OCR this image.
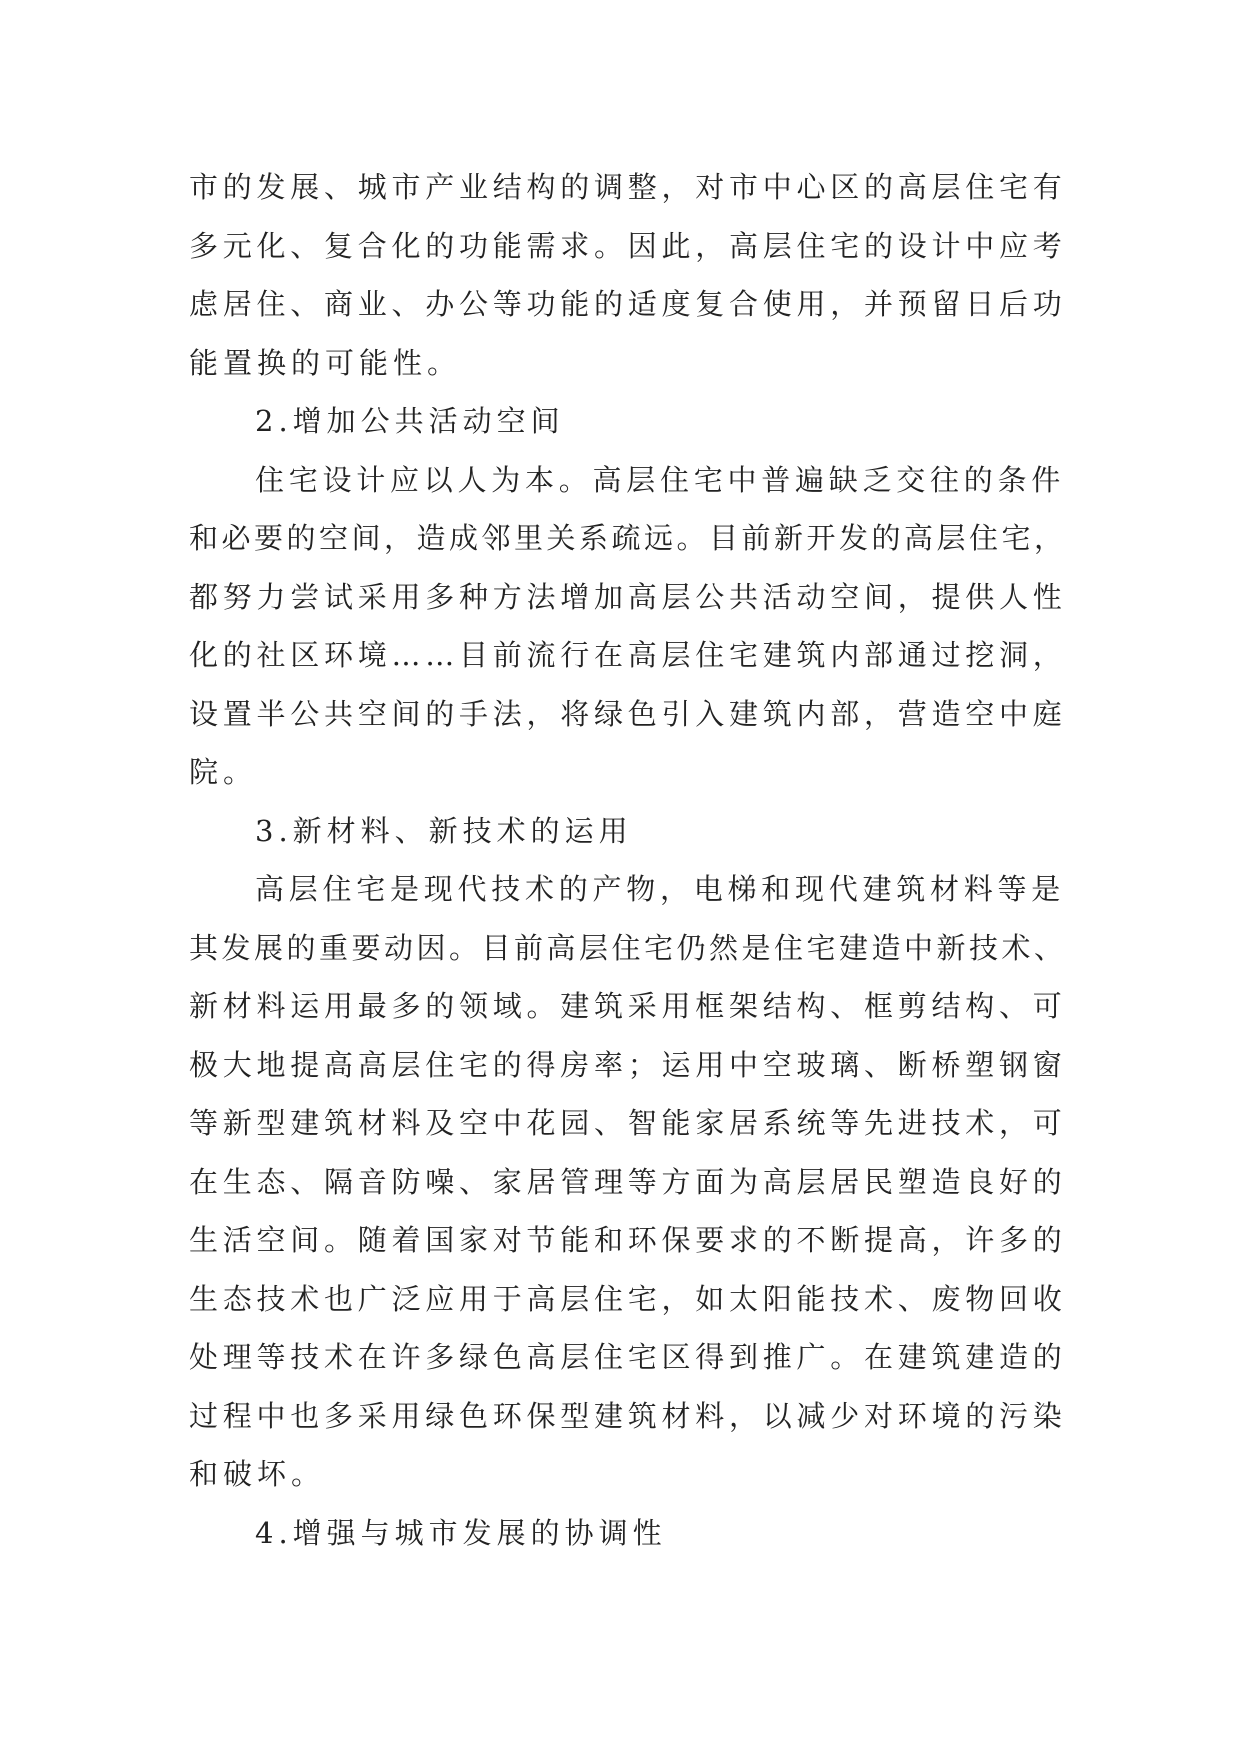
市的发展、城市产业结构的调整，对市中心区的高层住宅有
多元化、复合化的功能需求。因此，高层住宅的设计中应考
虑居住、商业、办公等功能的适度复合使用，并预留日后功
能置换的可能性。
2.增加公共活动空间
住宅设计应以人为本。高层住宅中普遍缺乏交往的条件
和必要的空间，造成邻里关系疏远。目前新开发的高层住宅，
都努力尝试采用多种方法增加高层公共活动空间，提供人性
化的社区环境……目前流行在高层住宅建筑内部通过挖洞，
设置半公共空间的手法，将绿色引入建筑内部，营造空中庭
院。
3.新材料、新技术的运用
高层住宅是现代技术的产物，电梯和现代建筑材料等是
其发展的重要动因。目前高层住宅仍然是住宅建造中新技术、
新材料运用最多的领域。建筑采用框架结构、框剪结构、可
极大地提高高层住宅的得房率；运用中空玻璃、断桥塑钢窗
等新型建筑材料及空中花园、智能家居系统等先进技术，可
在生态、隔音防噪、家居管理等方面为高层居民塑造良好的
生活空间。随着国家对节能和环保要求的不断提高，许多的
生态技术也广泛应用于高层住宅，如太阳能技术、废物回收
处理等技术在许多绿色高层住宅区得到推广。在建筑建造的
过程中也多采用绿色环保型建筑材料，以减少对环境的污染
和破坏。
4.增强与城市发展的协调性
